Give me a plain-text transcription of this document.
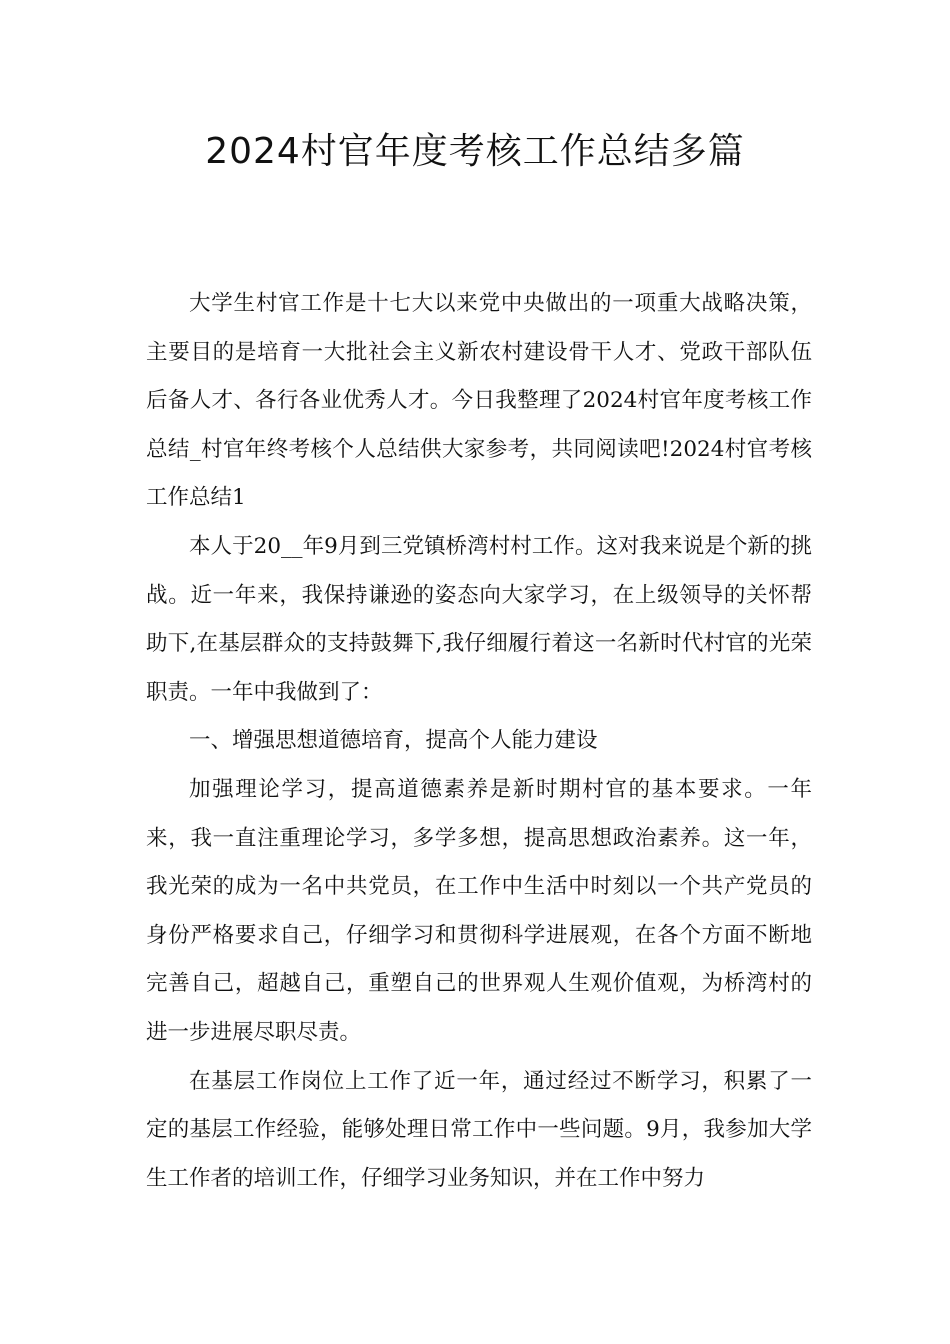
2024村官年度考核工作总结多篇

大学生村官工作是十七大以来党中央做出的一项重大战略决策，主要目的是培育一大批社会主义新农村建设骨干人才、党政干部队伍后备人才、各行各业优秀人才。今日我整理了2024村官年度考核工作总结_村官年终考核个人总结供大家参考，共同阅读吧!2024村官考核工作总结1

本人于20__年9月到三党镇桥湾村村工作。这对我来说是个新的挑战。近一年来，我保持谦逊的姿态向大家学习，在上级领导的关怀帮助下,在基层群众的支持鼓舞下,我仔细履行着这一名新时代村官的光荣职责。一年中我做到了：

一、增强思想道德培育，提高个人能力建设

加强理论学习，提高道德素养是新时期村官的基本要求。一年来，我一直注重理论学习，多学多想，提高思想政治素养。这一年，我光荣的成为一名中共党员，在工作中生活中时刻以一个共产党员的身份严格要求自己，仔细学习和贯彻科学进展观，在各个方面不断地完善自己，超越自己，重塑自己的世界观人生观价值观，为桥湾村的进一步进展尽职尽责。

在基层工作岗位上工作了近一年，通过经过不断学习，积累了一定的基层工作经验，能够处理日常工作中一些问题。9月，我参加大学生工作者的培训工作，仔细学习业务知识，并在工作中努力
